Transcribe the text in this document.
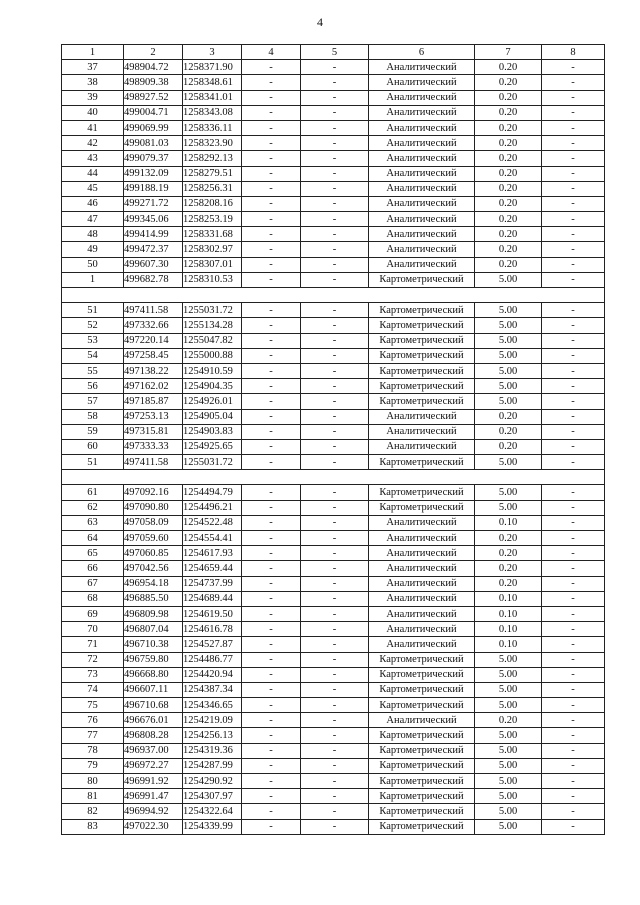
4
1	2	3	4	5	6	7	8
37	498904.72	1258371.90	-	-	Аналитический	0.20	-
38	498909.38	1258348.61	-	-	Аналитический	0.20	-
39	498927.52	1258341.01	-	-	Аналитический	0.20	-
40	499004.71	1258343.08	-	-	Аналитический	0.20	-
41	499069.99	1258336.11	-	-	Аналитический	0.20	-
42	499081.03	1258323.90	-	-	Аналитический	0.20	-
43	499079.37	1258292.13	-	-	Аналитический	0.20	-
44	499132.09	1258279.51	-	-	Аналитический	0.20	-
45	499188.19	1258256.31	-	-	Аналитический	0.20	-
46	499271.72	1258208.16	-	-	Аналитический	0.20	-
47	499345.06	1258253.19	-	-	Аналитический	0.20	-
48	499414.99	1258331.68	-	-	Аналитический	0.20	-
49	499472.37	1258302.97	-	-	Аналитический	0.20	-
50	499607.30	1258307.01	-	-	Аналитический	0.20	-
1	499682.78	1258310.53	-	-	Картометрический	5.00	-

51	497411.58	1255031.72	-	-	Картометрический	5.00	-
52	497332.66	1255134.28	-	-	Картометрический	5.00	-
53	497220.14	1255047.82	-	-	Картометрический	5.00	-
54	497258.45	1255000.88	-	-	Картометрический	5.00	-
55	497138.22	1254910.59	-	-	Картометрический	5.00	-
56	497162.02	1254904.35	-	-	Картометрический	5.00	-
57	497185.87	1254926.01	-	-	Картометрический	5.00	-
58	497253.13	1254905.04	-	-	Аналитический	0.20	-
59	497315.81	1254903.83	-	-	Аналитический	0.20	-
60	497333.33	1254925.65	-	-	Аналитический	0.20	-
51	497411.58	1255031.72	-	-	Картометрический	5.00	-

61	497092.16	1254494.79	-	-	Картометрический	5.00	-
62	497090.80	1254496.21	-	-	Картометрический	5.00	-
63	497058.09	1254522.48	-	-	Аналитический	0.10	-
64	497059.60	1254554.41	-	-	Аналитический	0.20	-
65	497060.85	1254617.93	-	-	Аналитический	0.20	-
66	497042.56	1254659.44	-	-	Аналитический	0.20	-
67	496954.18	1254737.99	-	-	Аналитический	0.20	-
68	496885.50	1254689.44	-	-	Аналитический	0.10	-
69	496809.98	1254619.50	-	-	Аналитический	0.10	-
70	496807.04	1254616.78	-	-	Аналитический	0.10	-
71	496710.38	1254527.87	-	-	Аналитический	0.10	-
72	496759.80	1254486.77	-	-	Картометрический	5.00	-
73	496668.80	1254420.94	-	-	Картометрический	5.00	-
74	496607.11	1254387.34	-	-	Картометрический	5.00	-
75	496710.68	1254346.65	-	-	Картометрический	5.00	-
76	496676.01	1254219.09	-	-	Аналитический	0.20	-
77	496808.28	1254256.13	-	-	Картометрический	5.00	-
78	496937.00	1254319.36	-	-	Картометрический	5.00	-
79	496972.27	1254287.99	-	-	Картометрический	5.00	-
80	496991.92	1254290.92	-	-	Картометрический	5.00	-
81	496991.47	1254307.97	-	-	Картометрический	5.00	-
82	496994.92	1254322.64	-	-	Картометрический	5.00	-
83	497022.30	1254339.99	-	-	Картометрический	5.00	-
